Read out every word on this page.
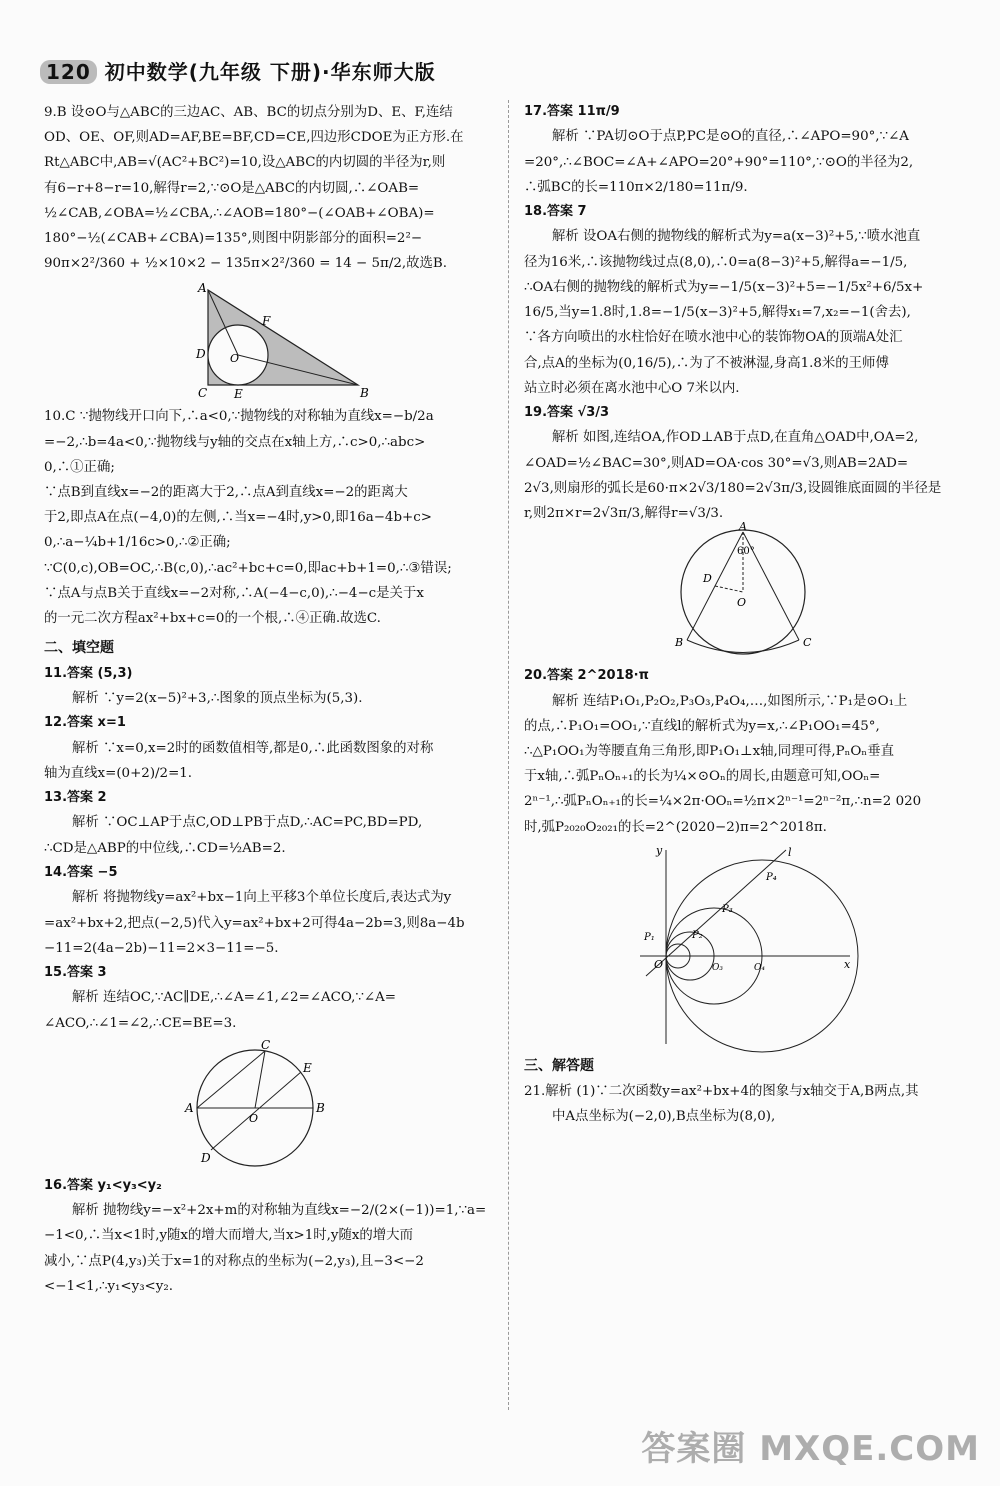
120 初中数学(九年级 下册)·华东师大版
9.B 设⊙O与△ABC的三边AC、AB、BC的切点分别为D、E、F,连结
OD、OE、OF,则AD=AF,BE=BF,CD=CE,四边形CDOE为正方形.在
Rt△ABC中,AB=√(AC²+BC²)=10,设△ABC的内切圆的半径为r,则
有6−r+8−r=10,解得r=2,∵⊙O是△ABC的内切圆,∴∠OAB=
½∠CAB,∠OBA=½∠CBA,∴∠AOB=180°−(∠OAB+∠OBA)=
180°−½(∠CAB+∠CBA)=135°,则图中阴影部分的面积=2²−
90π×2²/360 + ½×10×2 − 135π×2²/360 = 14 − 5π/2,故选B.
A
F
D O
C E	B
10.C ∵抛物线开口向下,∴a<0,∵抛物线的对称轴为直线x=−b/2a
=−2,∴b=4a<0,∵抛物线与y轴的交点在x轴上方,∴c>0,∴abc>
0,∴①正确;
∵点B到直线x=−2的距离大于2,∴点A到直线x=−2的距离大
于2,即点A在点(−4,0)的左侧,∴当x=−4时,y>0,即16a−4b+c>
0,∴a−¼b+1/16c>0,∴②正确;
∵C(0,c),OB=OC,∴B(c,0),∴ac²+bc+c=0,即ac+b+1=0,∴③错误;
∵点A与点B关于直线x=−2对称,∴A(−4−c,0),∴−4−c是关于x
的一元二次方程ax²+bx+c=0的一个根,∴④正确.故选C.
二、填空题
11.答案 (5,3)
解析 ∵y=2(x−5)²+3,∴图象的顶点坐标为(5,3).
12.答案 x=1
解析 ∵x=0,x=2时的函数值相等,都是0,∴此函数图象的对称
轴为直线x=(0+2)/2=1.
13.答案 2
解析 ∵OC⊥AP于点C,OD⊥PB于点D,∴AC=PC,BD=PD,
∴CD是△ABP的中位线,∴CD=½AB=2.
14.答案 −5
解析 将抛物线y=ax²+bx−1向上平移3个单位长度后,表达式为y
=ax²+bx+2,把点(−2,5)代入y=ax²+bx+2可得4a−2b=3,则8a−4b
−11=2(4a−2b)−11=2×3−11=−5.
15.答案 3
解析 连结OC,∵AC∥DE,∴∠A=∠1,∠2=∠ACO,∵∠A=
∠ACO,∴∠1=∠2,∴CE=BE=3.
A	B
C
E
D
O
16.答案 y₁<y₃<y₂
解析 抛物线y=−x²+2x+m的对称轴为直线x=−2/(2×(−1))=1,∵a=
−1<0,∴当x<1时,y随x的增大而增大,当x>1时,y随x的增大而
减小,∵点P(4,y₃)关于x=1的对称点的坐标为(−2,y₃),且−3<−2
<−1<1,∴y₁<y₃<y₂.
17.答案 11π/9
解析 ∵PA切⊙O于点P,PC是⊙O的直径,∴∠APO=90°,∵∠A
=20°,∴∠BOC=∠A+∠APO=20°+90°=110°,∵⊙O的半径为2,
∴弧BC的长=110π×2/180=11π/9.
18.答案 7
解析 设OA右侧的抛物线的解析式为y=a(x−3)²+5,∵喷水池直
径为16米,∴该抛物线过点(8,0),∴0=a(8−3)²+5,解得a=−1/5,
∴OA右侧的抛物线的解析式为y=−1/5(x−3)²+5=−1/5x²+6/5x+
16/5,当y=1.8时,1.8=−1/5(x−3)²+5,解得x₁=7,x₂=−1(舍去),
∵各方向喷出的水柱恰好在喷水池中心的装饰物OA的顶端A处汇
合,点A的坐标为(0,16/5),∴为了不被淋湿,身高1.8米的王师傅
站立时必须在离水池中心O 7米以内.
19.答案 √3/3
解析 如图,连结OA,作OD⊥AB于点D,在直角△OAD中,OA=2,
∠OAD=½∠BAC=30°,则AD=OA·cos 30°=√3,则AB=2AD=
2√3,则扇形的弧长是60·π×2√3/180=2√3π/3,设圆锥底面圆的半径是
r,则2π×r=2√3π/3,解得r=√3/3.
A
60°
D
O
B	C
20.答案 2^2018·π
解析 连结P₁O₁,P₂O₂,P₃O₃,P₄O₄,…,如图所示,∵P₁是⊙O₁上
的点,∴P₁O₁=OO₁,∵直线l的解析式为y=x,∴∠P₁OO₁=45°,
∴△P₁OO₁为等腰直角三角形,即P₁O₁⊥x轴,同理可得,PₙOₙ垂直
于x轴,∴弧PₙOₙ₊₁的长为¼×⊙Oₙ的周长,由题意可知,OOₙ=
2ⁿ⁻¹,∴弧PₙOₙ₊₁的长=¼×2π·OOₙ=½π×2ⁿ⁻¹=2ⁿ⁻²π,∴n=2 020
时,弧P₂₀₂₀O₂₀₂₁的长=2^(2020−2)π=2^2018π.
y
x
l
O
P₄
P₃
P₂
P₁
O₃	O₄
三、解答题
21.解析 (1)∵二次函数y=ax²+bx+4的图象与x轴交于A,B两点,其
中A点坐标为(−2,0),B点坐标为(8,0),
答案圈 MXQE.COM
